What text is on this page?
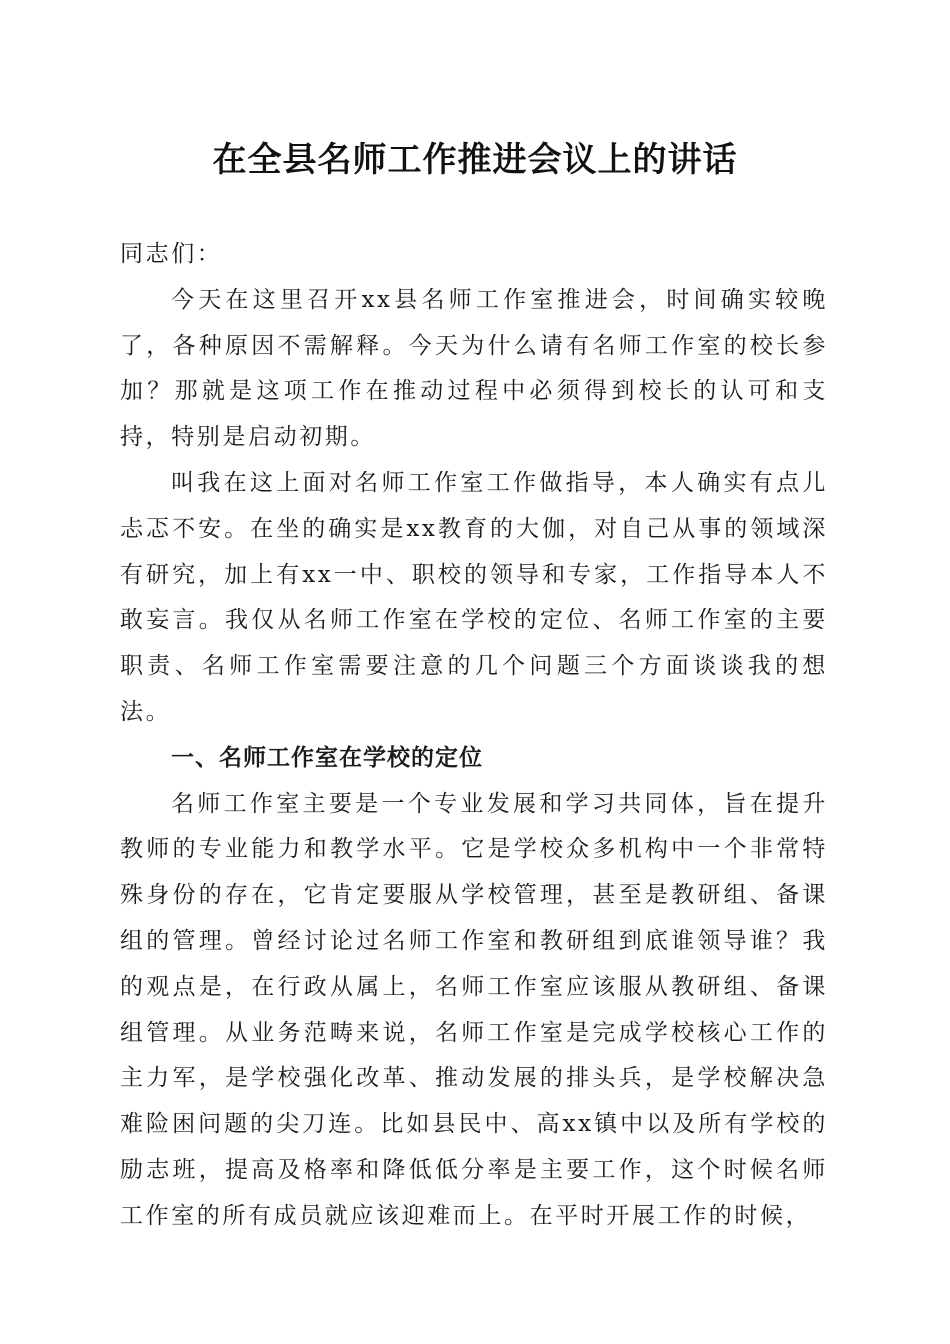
在全县名师工作推进会议上的讲话

同志们：

今天在这里召开xx县名师工作室推进会，时间确实较晚了，各种原因不需解释。今天为什么请有名师工作室的校长参加？那就是这项工作在推动过程中必须得到校长的认可和支持，特别是启动初期。

叫我在这上面对名师工作室工作做指导，本人确实有点儿忐忑不安。在坐的确实是xx教育的大伽，对自己从事的领域深有研究，加上有xx一中、职校的领导和专家，工作指导本人不敢妄言。我仅从名师工作室在学校的定位、名师工作室的主要职责、名师工作室需要注意的几个问题三个方面谈谈我的想法。

一、名师工作室在学校的定位

名师工作室主要是一个专业发展和学习共同体，旨在提升教师的专业能力和教学水平。它是学校众多机构中一个非常特殊身份的存在，它肯定要服从学校管理，甚至是教研组、备课组的管理。曾经讨论过名师工作室和教研组到底谁领导谁？我的观点是，在行政从属上，名师工作室应该服从教研组、备课组管理。从业务范畴来说，名师工作室是完成学校核心工作的主力军，是学校强化改革、推动发展的排头兵，是学校解决急难险困问题的尖刀连。比如县民中、高xx镇中以及所有学校的励志班，提高及格率和降低低分率是主要工作，这个时候名师工作室的所有成员就应该迎难而上。在平时开展工作的时候，
